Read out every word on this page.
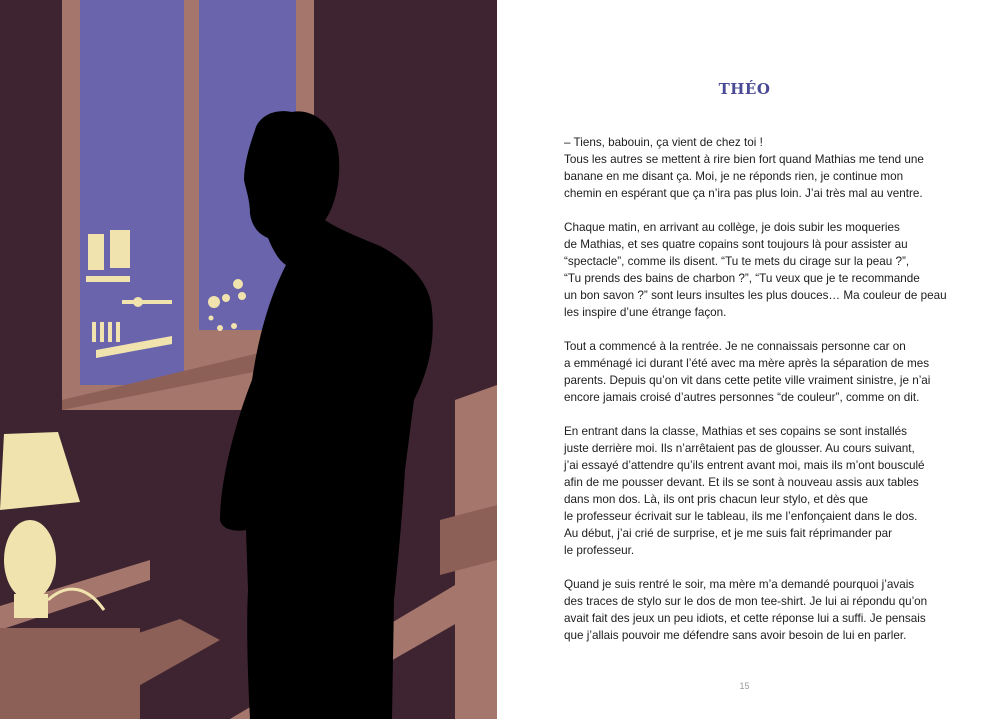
THÉO

– Tiens, babouin, ça vient de chez toi !
Tous les autres se mettent à rire bien fort quand Mathias me tend une
banane en me disant ça. Moi, je ne réponds rien, je continue mon
chemin en espérant que ça n’ira pas plus loin. J’ai très mal au ventre.

Chaque matin, en arrivant au collège, je dois subir les moqueries
de Mathias, et ses quatre copains sont toujours là pour assister au
“spectacle”, comme ils disent. “Tu te mets du cirage sur la peau ?”,
“Tu prends des bains de charbon ?”, “Tu veux que je te recommande
un bon savon ?” sont leurs insultes les plus douces… Ma couleur de peau
les inspire d’une étrange façon.

Tout a commencé à la rentrée. Je ne connaissais personne car on
a emménagé ici durant l’été avec ma mère après la séparation de mes
parents. Depuis qu’on vit dans cette petite ville vraiment sinistre, je n’ai
encore jamais croisé d’autres personnes “de couleur”, comme on dit.

En entrant dans la classe, Mathias et ses copains se sont installés
juste derrière moi. Ils n’arrêtaient pas de glousser. Au cours suivant,
j’ai essayé d’attendre qu’ils entrent avant moi, mais ils m’ont bousculé
afin de me pousser devant. Et ils se sont à nouveau assis aux tables
dans mon dos. Là, ils ont pris chacun leur stylo, et dès que
le professeur écrivait sur le tableau, ils me l’enfonçaient dans le dos.
Au début, j’ai crié de surprise, et je me suis fait réprimander par
le professeur.

Quand je suis rentré le soir, ma mère m’a demandé pourquoi j’avais
des traces de stylo sur le dos de mon tee-shirt. Je lui ai répondu qu’on
avait fait des jeux un peu idiots, et cette réponse lui a suffi. Je pensais
que j’allais pouvoir me défendre sans avoir besoin de lui en parler.

15
